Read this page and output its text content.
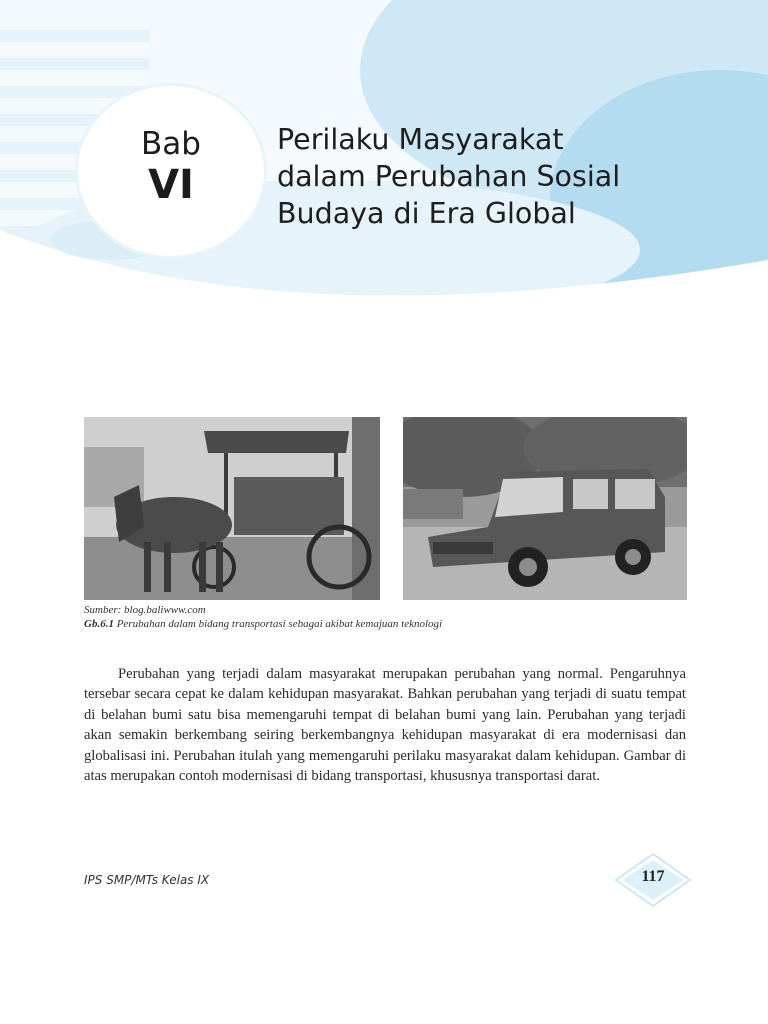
Bab
VI
Perilaku Masyarakat
dalam Perubahan Sosial
Budaya di Era Global
Sumber: blog.baliwww.com
Gb.6.1 Perubahan dalam bidang transportasi sebagai akibat kemajuan teknologi

Perubahan yang terjadi dalam masyarakat merupakan perubahan yang normal. Pengaruhnya tersebar secara cepat ke dalam kehidupan masyarakat. Bahkan perubahan yang terjadi di suatu tempat di belahan bumi satu bisa memengaruhi tempat di belahan bumi yang lain. Perubahan yang terjadi akan semakin berkembang seiring berkembangnya kehidupan masyarakat di era modernisasi dan globalisasi ini. Perubahan itulah yang memengaruhi perilaku masyarakat dalam kehidupan. Gambar di atas merupakan contoh modernisasi di bidang transportasi, khususnya transportasi darat.

IPS SMP/MTs Kelas IX	117
